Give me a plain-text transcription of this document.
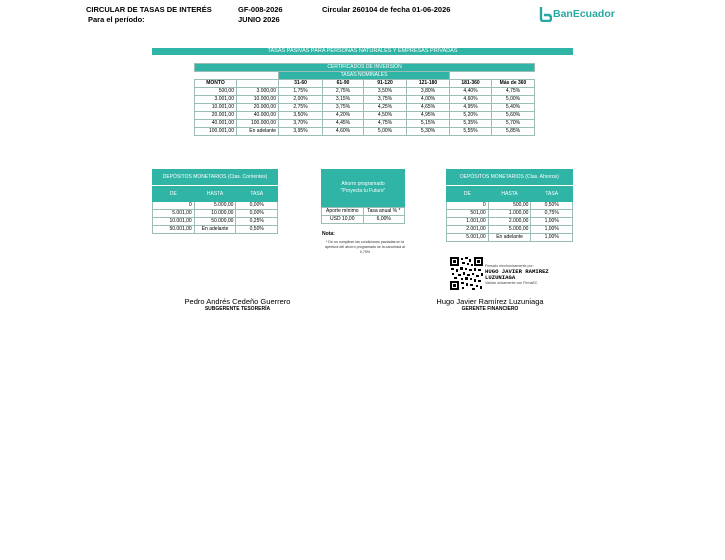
CIRCULAR DE TASAS DE INTERÉS
Para el período:
GF-008-2026
JUNIO 2026
Circular 260104 de fecha 01-06-2026	BanEcuador
TASAS PASIVAS PARA PERSONAS NATURALES Y EMPRESAS PRIVADAS
CERTIFICADOS DE INVERSIÓN							
		TASAS NOMINALES					
MONTO		31-60	61-90	91-120	121-180	181-360	Más de 360
500,00	3.000,00	1,75%	2,75%	3,50%	3,80%	4,40%	4,75%
3.001,00	10.000,00	2,00%	3,15%	3,75%	4,00%	4,60%	5,00%
10.001,00	20.000,00	2,75%	3,75%	4,25%	4,65%	4,95%	5,40%
20.001,00	40.000,00	3,50%	4,20%	4,50%	4,95%	5,20%	5,60%
40.001,00	100.000,00	3,70%	4,45%	4,75%	5,15%	5,35%	5,70%
100.001,00	En adelante	3,95%	4,60%	5,00%	5,30%	5,55%	5,85%
DEPÓSITOS MONETARIOS (Ctas. Corrientes)
DE	HASTA	TASA
0	5.000,00	0,00%
5.001,00	10.000,00	0,00%
10.001,00	50.000,00	0,25%
50.001,00	En adelante	0,50%
Ahorro programado
"Proyecta tu Futuro"
Aporte mínimo	Tasa anual % *
USD 10,00	6,00%
Nota:
* De no cumplirse las condiciones pactadas en la apertura del ahorro programado se la cancelará al 0,75%
DEPÓSITOS MONETARIOS (Ctas. Ahorros)
DE	HASTA	TASA
0	500,00	0,50%
501,00	1.000,00	0,75%
1.001,00	2.000,00	1,00%
2.001,00	5.000,00	1,00%
5.001,00	En adelante	1,00%
Firmado electrónicamente por:
HUGO JAVIER RAMIREZ LUZUNIAGA
Validar únicamente con FirmaEC
Pedro Andrés Cedeño Guerrero
SUBGERENTE TESORERÍA
Hugo Javier Ramírez Luzuniaga
GERENTE FINANCIERO
